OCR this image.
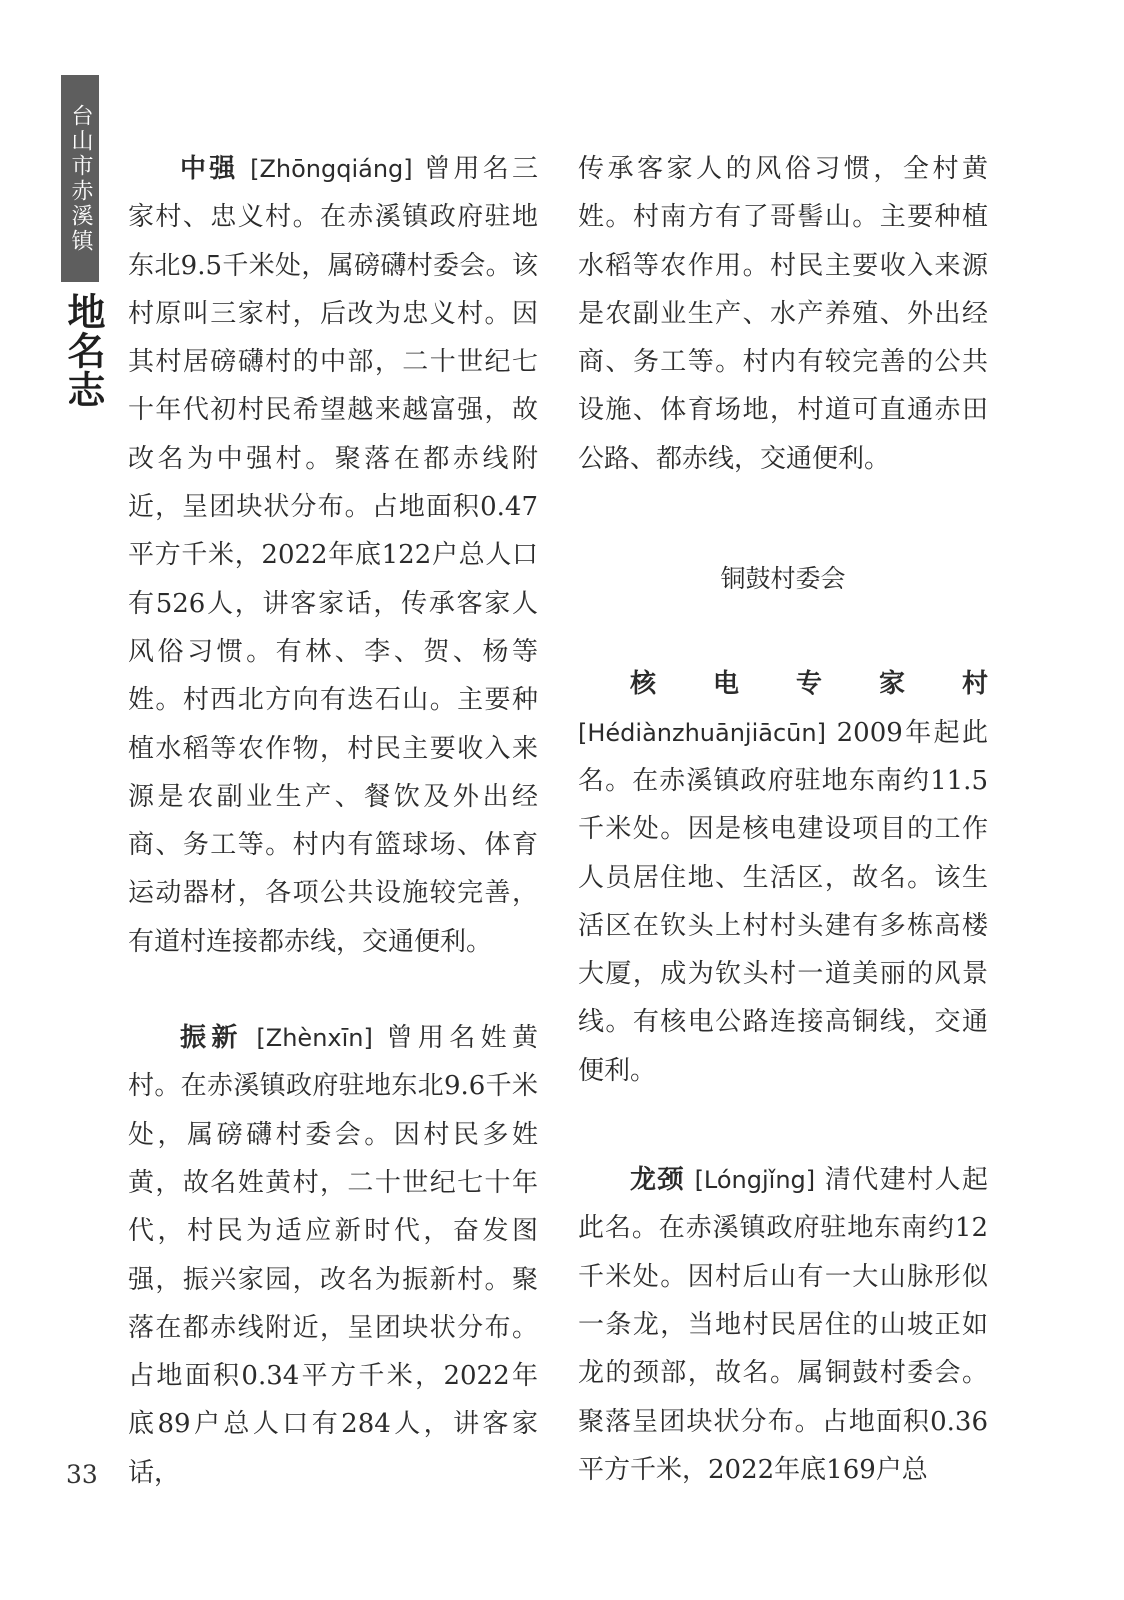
台山市赤溪镇
地名志

中强 [Zhōngqiáng] 曾用名三家村、忠义村。在赤溪镇政府驻地东北9.5千米处，属磅礴村委会。该村原叫三家村，后改为忠义村。因其村居磅礴村的中部，二十世纪七十年代初村民希望越来越富强，故改名为中强村。聚落在都赤线附近，呈团块状分布。占地面积0.47平方千米，2022年底122户总人口有526人，讲客家话，传承客家人风俗习惯。有林、李、贺、杨等姓。村西北方向有迭石山。主要种植水稻等农作物，村民主要收入来源是农副业生产、餐饮及外出经商、务工等。村内有篮球场、体育运动器材，各项公共设施较完善，有道村连接都赤线，交通便利。

振新 [Zhènxīn] 曾用名姓黄村。在赤溪镇政府驻地东北9.6千米处，属磅礴村委会。因村民多姓黄，故名姓黄村，二十世纪七十年代，村民为适应新时代，奋发图强，振兴家园，改名为振新村。聚落在都赤线附近，呈团块状分布。占地面积0.34平方千米，2022年底89户总人口有284人，讲客家话，

传承客家人的风俗习惯，全村黄姓。村南方有了哥髻山。主要种植水稻等农作用。村民主要收入来源是农副业生产、水产养殖、外出经商、务工等。村内有较完善的公共设施、体育场地，村道可直通赤田公路、都赤线，交通便利。

铜鼓村委会

核电专家村 [Hédiànzhuānjiācūn] 2009年起此名。在赤溪镇政府驻地东南约11.5千米处。因是核电建设项目的工作人员居住地、生活区，故名。该生活区在钦头上村村头建有多栋高楼大厦，成为钦头村一道美丽的风景线。有核电公路连接高铜线，交通便利。

龙颈 [Lóngjǐng] 清代建村人起此名。在赤溪镇政府驻地东南约12千米处。因村后山有一大山脉形似一条龙，当地村民居住的山坡正如龙的颈部，故名。属铜鼓村委会。聚落呈团块状分布。占地面积0.36平方千米，2022年底169户总

33
